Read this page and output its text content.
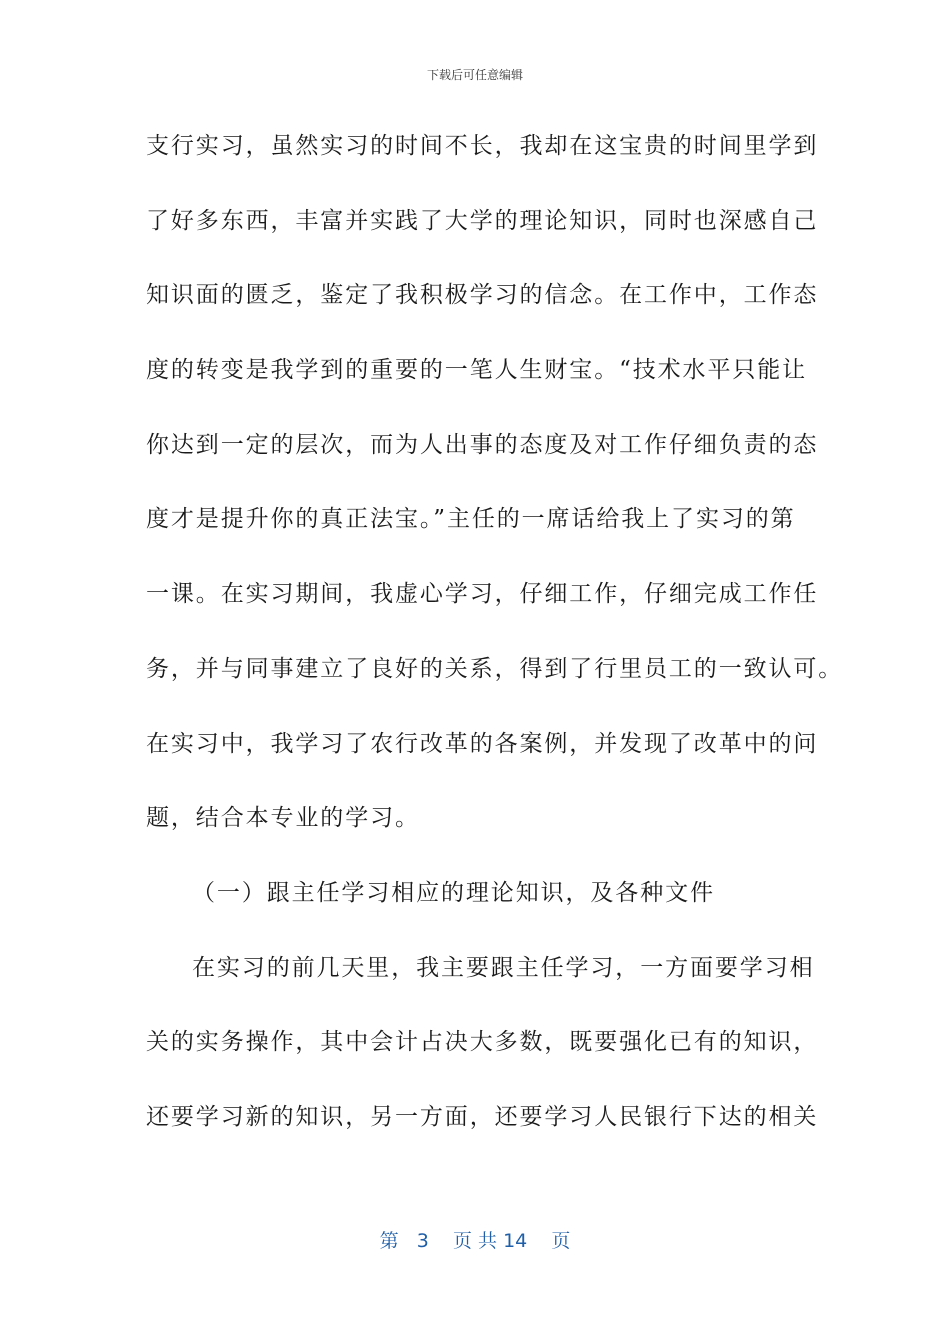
下载后可任意编辑
支行实习，虽然实习的时间不长，我却在这宝贵的时间里学到
了好多东西，丰富并实践了大学的理论知识，同时也深感自己
知识面的匮乏，鉴定了我积极学习的信念。在工作中，工作态
度的转变是我学到的重要的一笔人生财宝。“技术水平只能让
你达到一定的层次，而为人出事的态度及对工作仔细负责的态
度才是提升你的真正法宝。”主任的一席话给我上了实习的第
一课。在实习期间，我虚心学习，仔细工作，仔细完成工作任
务，并与同事建立了良好的关系，得到了行里员工的一致认可。
在实习中，我学习了农行改革的各案例，并发现了改革中的问
题，结合本专业的学习。
（一）跟主任学习相应的理论知识，及各种文件
在实习的前几天里，我主要跟主任学习，一方面要学习相
关的实务操作，其中会计占决大多数，既要强化已有的知识，
还要学习新的知识，另一方面，还要学习人民银行下达的相关
第 3 页 共 14 页
